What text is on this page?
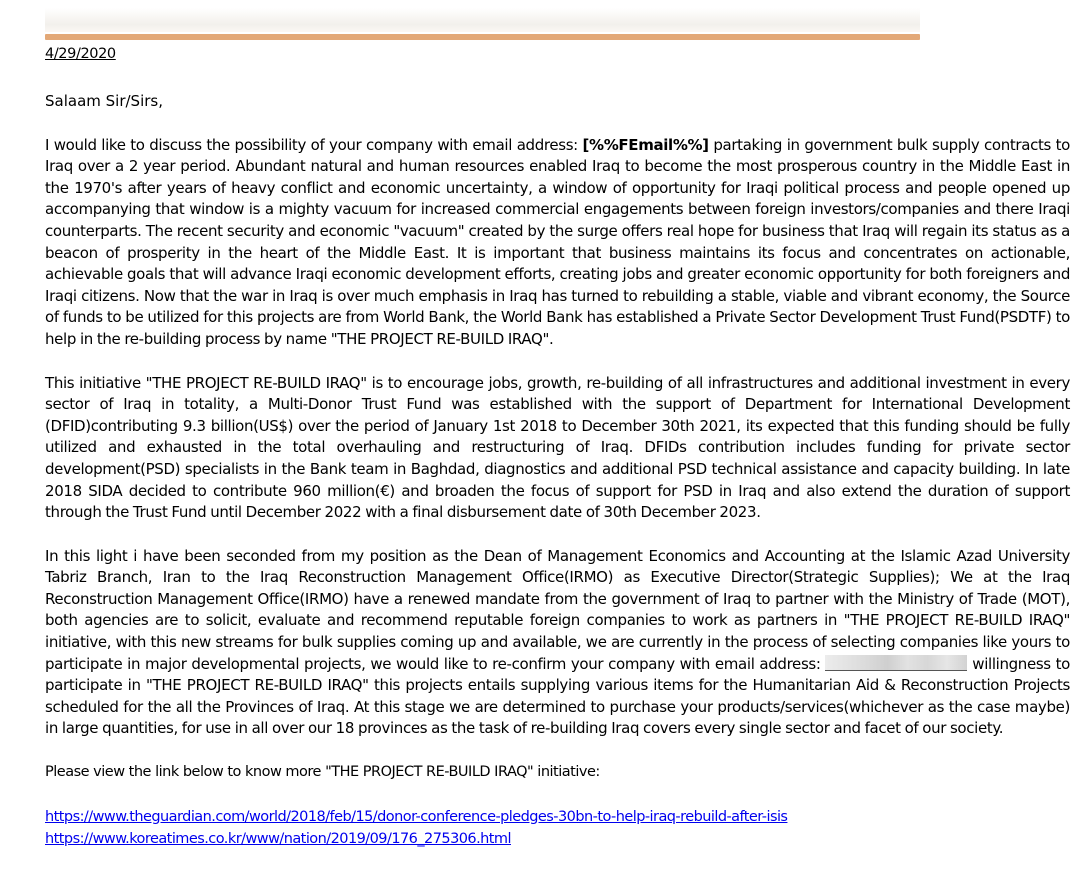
4/29/2020

Salaam Sir/Sirs,

I would like to discuss the possibility of your company with email address: [%%FEmail%%] partaking in government bulk supply contracts to Iraq over a 2 year period. Abundant natural and human resources enabled Iraq to become the most prosperous country in the Middle East in the 1970's after years of heavy conflict and economic uncertainty, a window of opportunity for Iraqi political process and people opened up accompanying that window is a mighty vacuum for increased commercial engagements between foreign investors/companies and there Iraqi counterparts. The recent security and economic "vacuum" created by the surge offers real hope for business that Iraq will regain its status as a beacon of prosperity in the heart of the Middle East. It is important that business maintains its focus and concentrates on actionable, achievable goals that will advance Iraqi economic development efforts, creating jobs and greater economic opportunity for both foreigners and Iraqi citizens. Now that the war in Iraq is over much emphasis in Iraq has turned to rebuilding a stable, viable and vibrant economy, the Source of funds to be utilized for this projects are from World Bank, the World Bank has established a Private Sector Development Trust Fund(PSDTF) to help in the re-building process by name "THE PROJECT RE-BUILD IRAQ".

This initiative "THE PROJECT RE-BUILD IRAQ" is to encourage jobs, growth, re-building of all infrastructures and additional investment in every sector of Iraq in totality, a Multi-Donor Trust Fund was established with the support of Department for International Development (DFID)contributing 9.3 billion(US$) over the period of January 1st 2018 to December 30th 2021, its expected that this funding should be fully utilized and exhausted in the total overhauling and restructuring of Iraq. DFIDs contribution includes funding for private sector development(PSD) specialists in the Bank team in Baghdad, diagnostics and additional PSD technical assistance and capacity building. In late 2018 SIDA decided to contribute 960 million(€) and broaden the focus of support for PSD in Iraq and also extend the duration of support through the Trust Fund until December 2022 with a final disbursement date of 30th December 2023.

In this light i have been seconded from my position as the Dean of Management Economics and Accounting at the Islamic Azad University Tabriz Branch, Iran to the Iraq Reconstruction Management Office(IRMO) as Executive Director(Strategic Supplies); We at the Iraq Reconstruction Management Office(IRMO) have a renewed mandate from the government of Iraq to partner with the Ministry of Trade (MOT), both agencies are to solicit, evaluate and recommend reputable foreign companies to work as partners in "THE PROJECT RE-BUILD IRAQ" initiative, with this new streams for bulk supplies coming up and available, we are currently in the process of selecting companies like yours to participate in major developmental projects, we would like to re-confirm your company with email address:	willingness to participate in "THE PROJECT RE-BUILD IRAQ" this projects entails supplying various items for the Humanitarian Aid & Reconstruction Projects scheduled for the all the Provinces of Iraq. At this stage we are determined to purchase your products/services(whichever as the case maybe) in large quantities, for use in all over our 18 provinces as the task of re-building Iraq covers every single sector and facet of our society.

Please view the link below to know more "THE PROJECT RE-BUILD IRAQ" initiative:

https://www.theguardian.com/world/2018/feb/15/donor-conference-pledges-30bn-to-help-iraq-rebuild-after-isis
https://www.koreatimes.co.kr/www/nation/2019/09/176_275306.html
